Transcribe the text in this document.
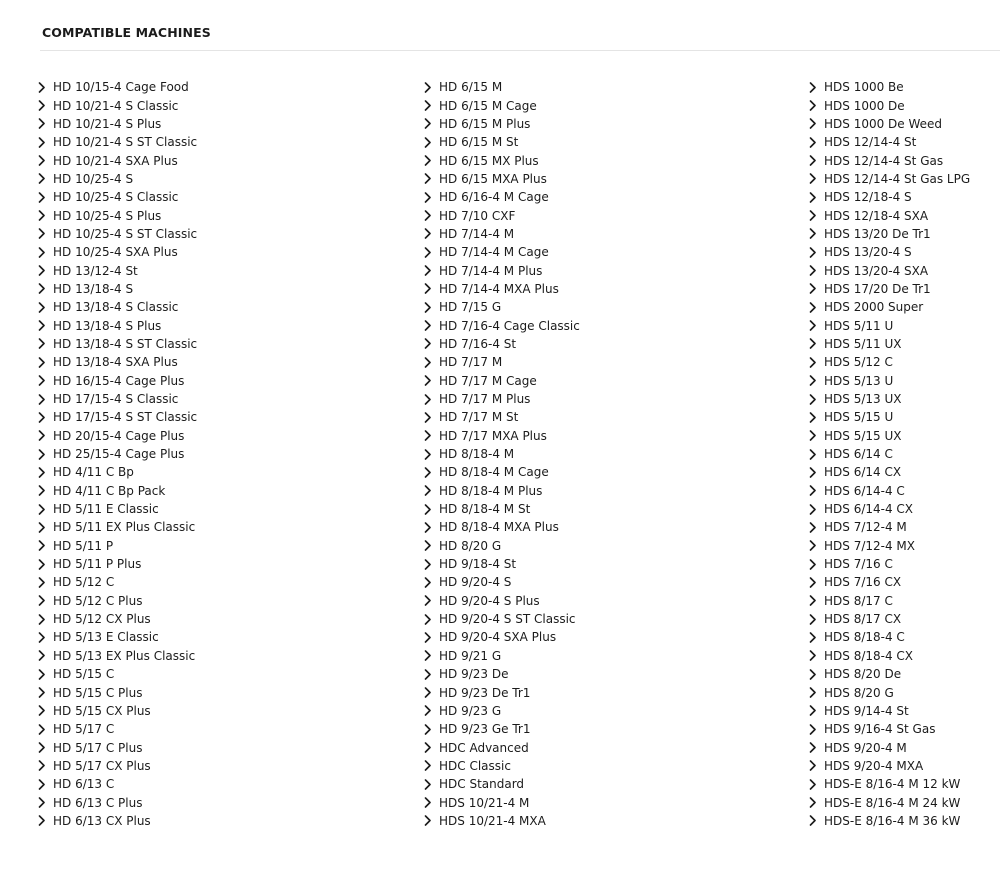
COMPATIBLE MACHINES
HD 10/15-4 Cage Food
HD 10/21-4 S Classic
HD 10/21-4 S Plus
HD 10/21-4 S ST Classic
HD 10/21-4 SXA Plus
HD 10/25-4 S
HD 10/25-4 S Classic
HD 10/25-4 S Plus
HD 10/25-4 S ST Classic
HD 10/25-4 SXA Plus
HD 13/12-4 St
HD 13/18-4 S
HD 13/18-4 S Classic
HD 13/18-4 S Plus
HD 13/18-4 S ST Classic
HD 13/18-4 SXA Plus
HD 16/15-4 Cage Plus
HD 17/15-4 S Classic
HD 17/15-4 S ST Classic
HD 20/15-4 Cage Plus
HD 25/15-4 Cage Plus
HD 4/11 C Bp
HD 4/11 C Bp Pack
HD 5/11 E Classic
HD 5/11 EX Plus Classic
HD 5/11 P
HD 5/11 P Plus
HD 5/12 C
HD 5/12 C Plus
HD 5/12 CX Plus
HD 5/13 E Classic
HD 5/13 EX Plus Classic
HD 5/15 C
HD 5/15 C Plus
HD 5/15 CX Plus
HD 5/17 C
HD 5/17 C Plus
HD 5/17 CX Plus
HD 6/13 C
HD 6/13 C Plus
HD 6/13 CX Plus
HD 6/15 M
HD 6/15 M Cage
HD 6/15 M Plus
HD 6/15 M St
HD 6/15 MX Plus
HD 6/15 MXA Plus
HD 6/16-4 M Cage
HD 7/10 CXF
HD 7/14-4 M
HD 7/14-4 M Cage
HD 7/14-4 M Plus
HD 7/14-4 MXA Plus
HD 7/15 G
HD 7/16-4 Cage Classic
HD 7/16-4 St
HD 7/17 M
HD 7/17 M Cage
HD 7/17 M Plus
HD 7/17 M St
HD 7/17 MXA Plus
HD 8/18-4 M
HD 8/18-4 M Cage
HD 8/18-4 M Plus
HD 8/18-4 M St
HD 8/18-4 MXA Plus
HD 8/20 G
HD 9/18-4 St
HD 9/20-4 S
HD 9/20-4 S Plus
HD 9/20-4 S ST Classic
HD 9/20-4 SXA Plus
HD 9/21 G
HD 9/23 De
HD 9/23 De Tr1
HD 9/23 G
HD 9/23 Ge Tr1
HDC Advanced
HDC Classic
HDC Standard
HDS 10/21-4 M
HDS 10/21-4 MXA
HDS 1000 Be
HDS 1000 De
HDS 1000 De Weed
HDS 12/14-4 St
HDS 12/14-4 St Gas
HDS 12/14-4 St Gas LPG
HDS 12/18-4 S
HDS 12/18-4 SXA
HDS 13/20 De Tr1
HDS 13/20-4 S
HDS 13/20-4 SXA
HDS 17/20 De Tr1
HDS 2000 Super
HDS 5/11 U
HDS 5/11 UX
HDS 5/12 C
HDS 5/13 U
HDS 5/13 UX
HDS 5/15 U
HDS 5/15 UX
HDS 6/14 C
HDS 6/14 CX
HDS 6/14-4 C
HDS 6/14-4 CX
HDS 7/12-4 M
HDS 7/12-4 MX
HDS 7/16 C
HDS 7/16 CX
HDS 8/17 C
HDS 8/17 CX
HDS 8/18-4 C
HDS 8/18-4 CX
HDS 8/20 De
HDS 8/20 G
HDS 9/14-4 St
HDS 9/16-4 St Gas
HDS 9/20-4 M
HDS 9/20-4 MXA
HDS-E 8/16-4 M 12 kW
HDS-E 8/16-4 M 24 kW
HDS-E 8/16-4 M 36 kW
